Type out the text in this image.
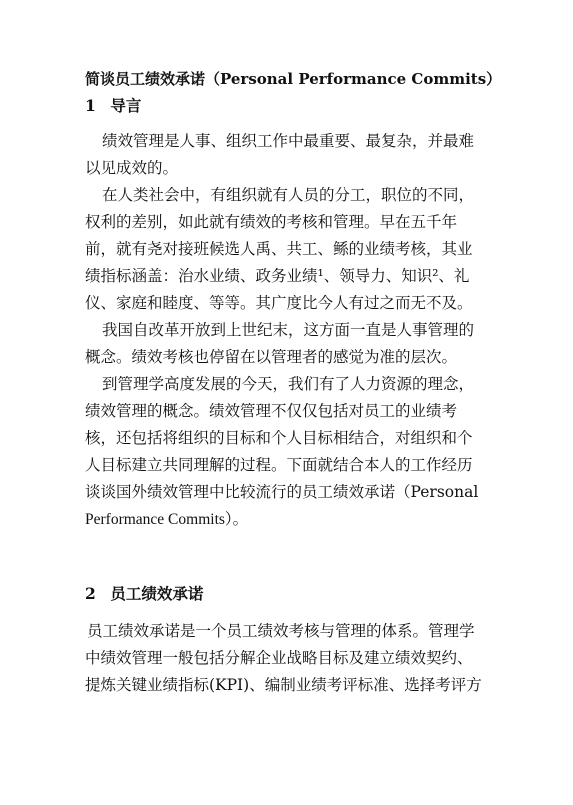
简谈员工绩效承诺（Personal Performance Commits）
1 导言

绩效管理是人事、组织工作中最重要、最复杂，并最难
以见成效的。

在人类社会中，有组织就有人员的分工，职位的不同，
权利的差别，如此就有绩效的考核和管理。早在五千年
前，就有尧对接班候选人禹、共工、鲧的业绩考核，其业
绩指标涵盖：治水业绩、政务业绩¹、领导力、知识²、礼
仪、家庭和睦度、等等。其广度比今人有过之而无不及。

我国自改革开放到上世纪末，这方面一直是人事管理的
概念。绩效考核也停留在以管理者的感觉为准的层次。

到管理学高度发展的今天，我们有了人力资源的理念，
绩效管理的概念。绩效管理不仅仅包括对员工的业绩考
核，还包括将组织的目标和个人目标相结合，对组织和个
人目标建立共同理解的过程。下面就结合本人的工作经历
谈谈国外绩效管理中比较流行的员工绩效承诺（Personal
Performance Commits）。

2 员工绩效承诺

员工绩效承诺是一个员工绩效考核与管理的体系。管理学
中绩效管理一般包括分解企业战略目标及建立绩效契约、
提炼关键业绩指标(KPI)、编制业绩考评标准、选择考评方
